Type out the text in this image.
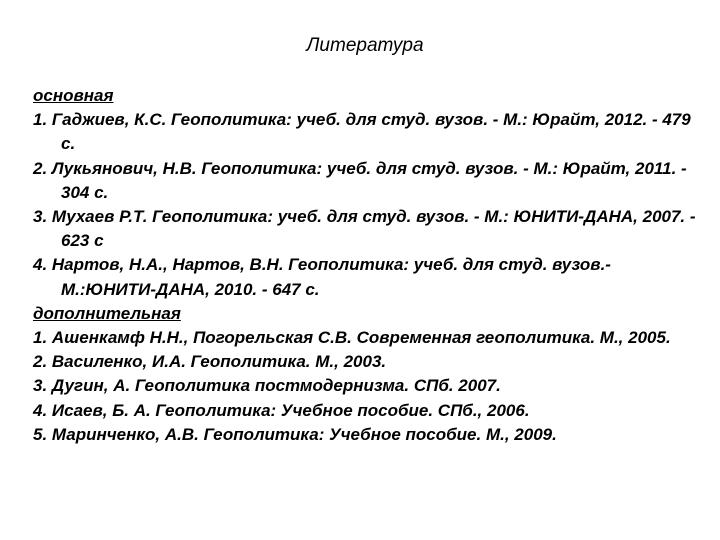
Литература
основная
1. Гаджиев, К.С. Геополитика: учеб. для студ. вузов. - М.: Юрайт, 2012. - 479 с.
2. Лукьянович, Н.В. Геополитика: учеб. для студ. вузов. - М.: Юрайт, 2011. - 304 с.
3. Мухаев Р.Т. Геополитика: учеб. для студ. вузов. - М.: ЮНИТИ-ДАНА, 2007. - 623 с
4. Нартов, Н.А., Нартов, В.Н. Геополитика: учеб. для студ. вузов.- М.:ЮНИТИ-ДАНА, 2010. - 647 с.
дополнительная
1. Ашенкамф Н.Н., Погорельская С.В. Современная геополитика. М., 2005.
2. Василенко, И.А. Геополитика. М., 2003.
3. Дугин, А. Геополитика постмодернизма. СПб. 2007.
4. Исаев, Б. А. Геополитика: Учебное пособие. СПб., 2006.
5. Маринченко, А.В. Геополитика: Учебное пособие. М., 2009.
